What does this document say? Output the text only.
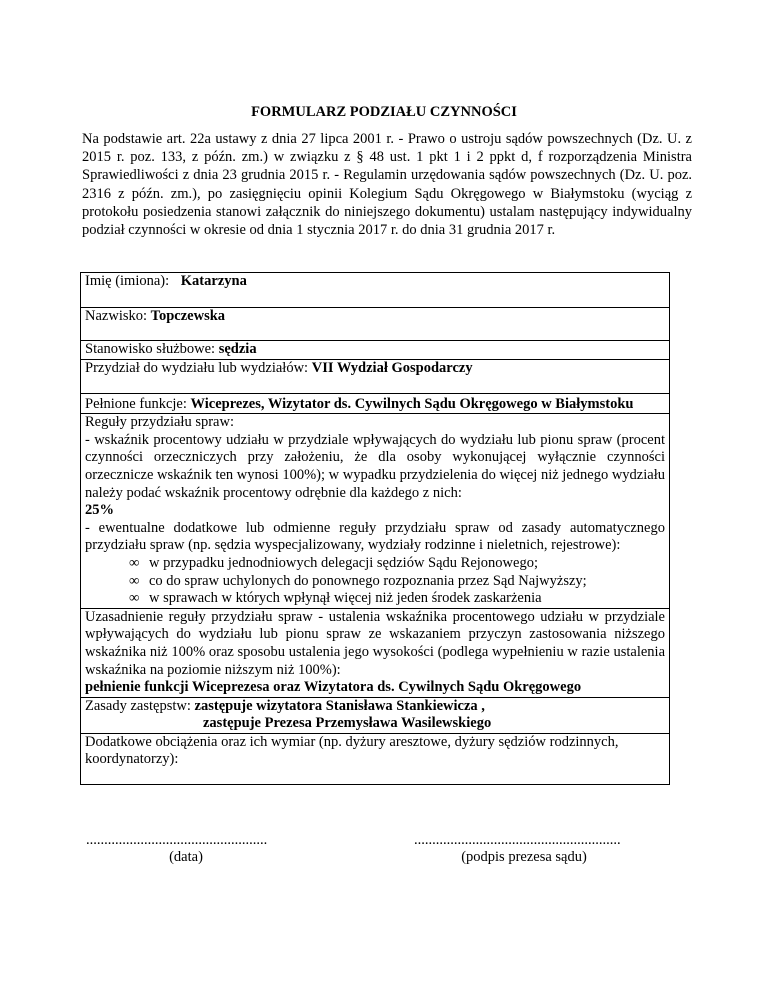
FORMULARZ PODZIAŁU CZYNNOŚCI
Na podstawie art. 22a ustawy z dnia 27 lipca 2001 r. - Prawo o ustroju sądów powszechnych (Dz. U. z 2015 r. poz. 133, z późn. zm.) w związku z § 48 ust. 1 pkt 1 i 2 ppkt d, f rozporządzenia Ministra Sprawiedliwości z dnia 23 grudnia 2015 r. - Regulamin urzędowania sądów powszechnych (Dz. U. poz. 2316 z późn. zm.), po zasięgnięciu opinii Kolegium Sądu Okręgowego w Białymstoku (wyciąg z protokołu posiedzenia stanowi załącznik do niniejszego dokumentu) ustalam następujący indywidualny podział czynności w okresie od dnia 1 stycznia 2017 r. do dnia 31 grudnia 2017 r.
Imię (imiona): Katarzyna
Nazwisko: Topczewska
Stanowisko służbowe: sędzia
Przydział do wydziału lub wydziałów: VII Wydział Gospodarczy
Pełnione funkcje: Wiceprezes, Wizytator ds. Cywilnych Sądu Okręgowego w Białymstoku
Reguły przydziału spraw:
- wskaźnik procentowy udziału w przydziale wpływających do wydziału lub pionu spraw (procent czynności orzeczniczych przy założeniu, że dla osoby wykonującej wyłącznie czynności orzecznicze wskaźnik ten wynosi 100%); w wypadku przydzielenia do więcej niż jednego wydziału należy podać wskaźnik procentowy odrębnie dla każdego z nich:
25%
- ewentualne dodatkowe lub odmienne reguły przydziału spraw od zasady automatycznego przydziału spraw (np. sędzia wyspecjalizowany, wydziały rodzinne i nieletnich, rejestrowe):
∞ w przypadku jednodniowych delegacji sędziów Sądu Rejonowego;
∞ co do spraw uchylonych do ponownego rozpoznania przez Sąd Najwyższy;
∞ w sprawach w których wpłynął więcej niż jeden środek zaskarżenia
Uzasadnienie reguły przydziału spraw - ustalenia wskaźnika procentowego udziału w przydziale wpływających do wydziału lub pionu spraw ze wskazaniem przyczyn zastosowania niższego wskaźnika niż 100% oraz sposobu ustalenia jego wysokości (podlega wypełnieniu w razie ustalenia wskaźnika na poziomie niższym niż 100%):
pełnienie funkcji Wiceprezesa oraz Wizytatora ds. Cywilnych Sądu Okręgowego
Zasady zastępstw: zastępuje wizytatora Stanisława Stankiewicza ,
zastępuje Prezesa Przemysława Wasilewskiego
Dodatkowe obciążenia oraz ich wymiar (np. dyżury aresztowe, dyżury sędziów rodzinnych, koordynatorzy):
..................................................
(data)
.........................................................
(podpis prezesa sądu)
